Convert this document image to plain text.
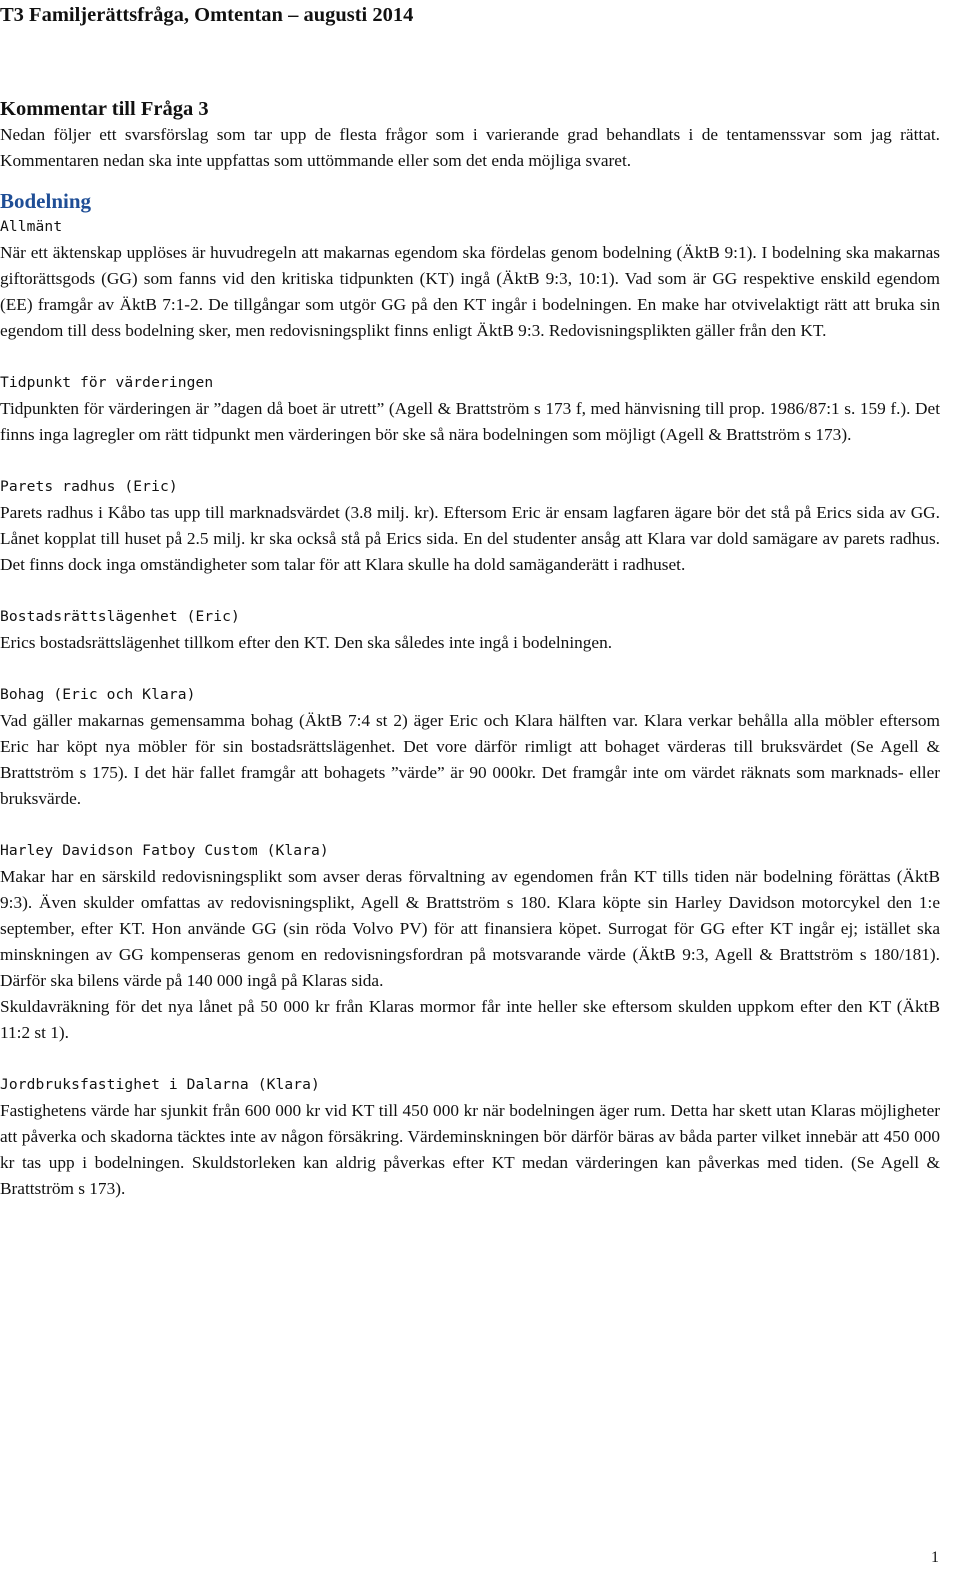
T3 Familjerättsfråga, Omtentan – augusti 2014
Kommentar till Fråga 3

Nedan följer ett svarsförslag som tar upp de flesta frågor som i varierande grad behandlats i de tentamenssvar som jag rättat. Kommentaren nedan ska inte uppfattas som uttömmande eller som det enda möjliga svaret.

Bodelning
Allmänt

När ett äktenskap upplöses är huvudregeln att makarnas egendom ska fördelas genom bodelning (ÄktB 9:1). I bodelning ska makarnas giftorättsgods (GG) som fanns vid den kritiska tidpunkten (KT) ingå (ÄktB 9:3, 10:1). Vad som är GG respektive enskild egendom (EE) framgår av ÄktB 7:1-2. De tillgångar som utgör GG på den KT ingår i bodelningen. En make har otvivelaktigt rätt att bruka sin egendom till dess bodelning sker, men redovisningsplikt finns enligt ÄktB 9:3. Redovisningsplikten gäller från den KT.

Tidpunkt för värderingen

Tidpunkten för värderingen är ”dagen då boet är utrett” (Agell & Brattström s 173 f, med hänvisning till prop. 1986/87:1 s. 159 f.). Det finns inga lagregler om rätt tidpunkt men värderingen bör ske så nära bodelningen som möjligt (Agell & Brattström s 173).

Parets radhus (Eric)

Parets radhus i Kåbo tas upp till marknadsvärdet (3.8 milj. kr). Eftersom Eric är ensam lagfaren ägare bör det stå på Erics sida av GG. Lånet kopplat till huset på 2.5 milj. kr ska också stå på Erics sida. En del studenter ansåg att Klara var dold samägare av parets radhus. Det finns dock inga omständigheter som talar för att Klara skulle ha dold samäganderätt i radhuset.

Bostadsrättslägenhet (Eric)

Erics bostadsrättslägenhet tillkom efter den KT. Den ska således inte ingå i bodelningen.

Bohag (Eric och Klara)

Vad gäller makarnas gemensamma bohag (ÄktB 7:4 st 2) äger Eric och Klara hälften var. Klara verkar behålla alla möbler eftersom Eric har köpt nya möbler för sin bostadsrättslägenhet. Det vore därför rimligt att bohaget värderas till bruksvärdet (Se Agell & Brattström s 175). I det här fallet framgår att bohagets ”värde” är 90 000kr. Det framgår inte om värdet räknats som marknads- eller bruksvärde.

Harley Davidson Fatboy Custom (Klara)

Makar har en särskild redovisningsplikt som avser deras förvaltning av egendomen från KT tills tiden när bodelning förättas (ÄktB 9:3). Även skulder omfattas av redovisningsplikt, Agell & Brattström s 180. Klara köpte sin Harley Davidson motorcykel den 1:e september, efter KT. Hon använde GG (sin röda Volvo PV) för att finansiera köpet. Surrogat för GG efter KT ingår ej; istället ska minskningen av GG kompenseras genom en redovisningsfordran på motsvarande värde (ÄktB 9:3, Agell & Brattström s 180/181). Därför ska bilens värde på 140 000 ingå på Klaras sida.

Skuldavräkning för det nya lånet på 50 000 kr från Klaras mormor får inte heller ske eftersom skulden uppkom efter den KT (ÄktB 11:2 st 1).

Jordbruksfastighet i Dalarna (Klara)

Fastighetens värde har sjunkit från 600 000 kr vid KT till 450 000 kr när bodelningen äger rum. Detta har skett utan Klaras möjligheter att påverka och skadorna täcktes inte av någon försäkring. Värdeminskningen bör därför bäras av båda parter vilket innebär att 450 000 kr tas upp i bodelningen. Skuldstorleken kan aldrig påverkas efter KT medan värderingen kan påverkas med tiden. (Se Agell & Brattström s 173).

1
